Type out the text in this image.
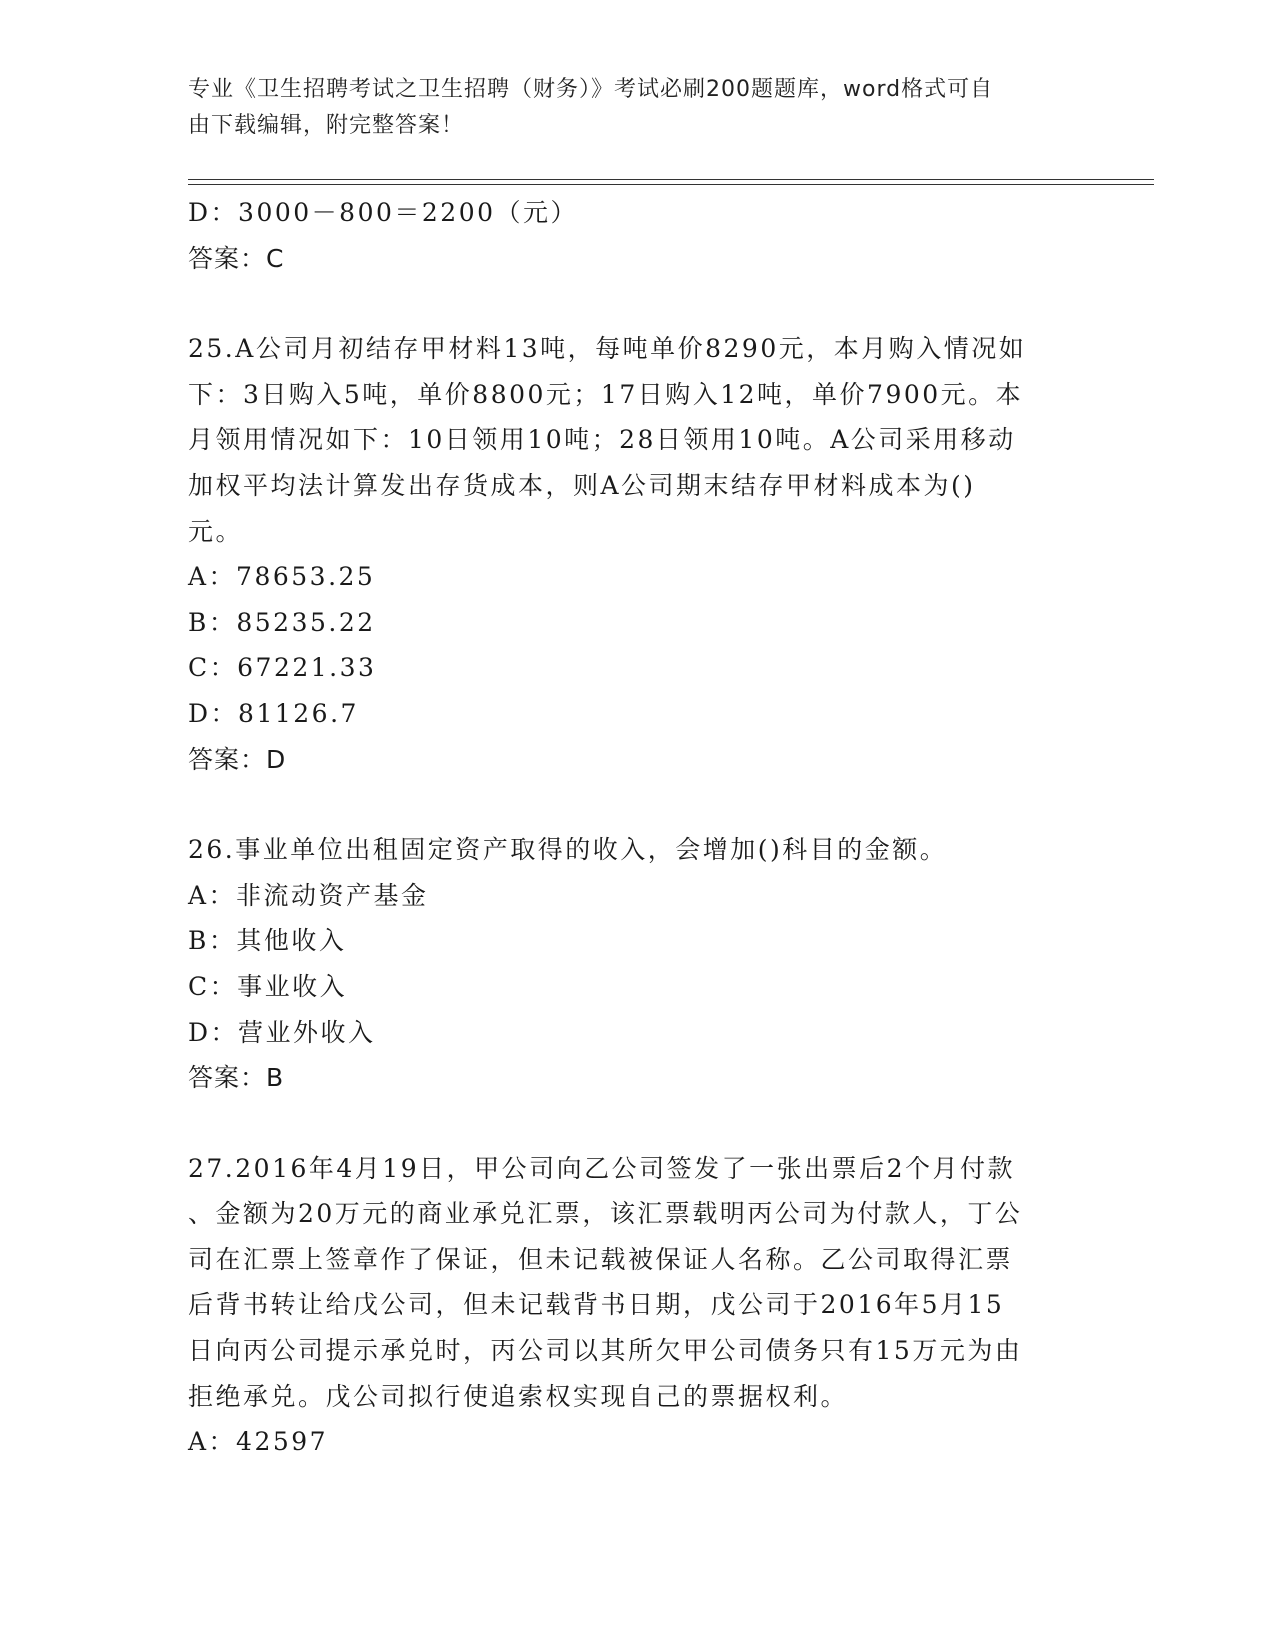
专业《卫生招聘考试之卫生招聘（财务）》考试必刷200题题库，word格式可自
由下载编辑，附完整答案！

D：3000－800＝2200（元）

答案：C

25.A公司月初结存甲材料13吨，每吨单价8290元，本月购入情况如

下：3日购入5吨，单价8800元；17日购入12吨，单价7900元。本

月领用情况如下：10日领用10吨；28日领用10吨。A公司采用移动

加权平均法计算发出存货成本，则A公司期末结存甲材料成本为()

元。

A：78653.25

B：85235.22

C：67221.33

D：81126.7

答案：D

26.事业单位出租固定资产取得的收入，会增加()科目的金额。

A：非流动资产基金

B：其他收入

C：事业收入

D：营业外收入

答案：B

27.2016年4月19日，甲公司向乙公司签发了一张出票后2个月付款

、金额为20万元的商业承兑汇票，该汇票载明丙公司为付款人，丁公

司在汇票上签章作了保证，但未记载被保证人名称。乙公司取得汇票

后背书转让给戊公司，但未记载背书日期，戊公司于2016年5月15

日向丙公司提示承兑时，丙公司以其所欠甲公司债务只有15万元为由

拒绝承兑。戊公司拟行使追索权实现自己的票据权利。

A：42597
